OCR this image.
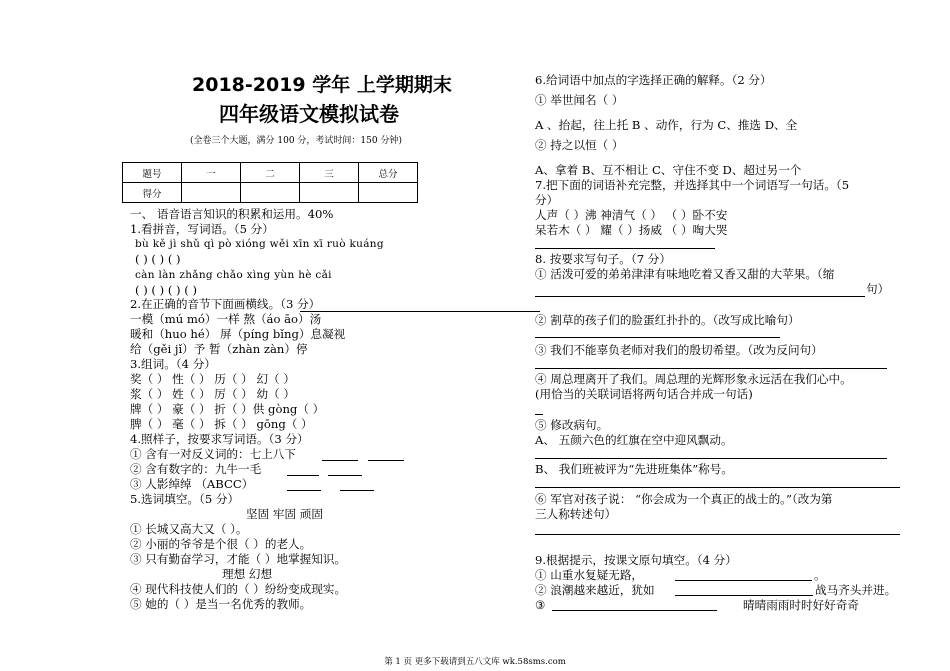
2018-2019 学年 上学期期末
四年级语文模拟试卷
(全卷三个大题，满分 100 分，考试时间：150 分钟)
题号	一	二	三	总分
得分				
一、 语音语言知识的积累和运用。40%
1.看拼音，写词语。（5 分）
bù kě jì shǔ qì pò xióng wěi xīn xī ruò kuáng
( ) ( ) ( )
càn làn zhǎng chǎo xìng yùn hè cǎi
( ) ( ) ( ) ( )
2.在正确的音节下面画横线。（3 分）
一模（mú mó）一样 熬（áo āo）汤
暖和（huo hé） 屏（píng bǐng）息凝视
给（gěi jǐ）予 暂（zhàn zàn）停
3.组词。（4 分）
奖（ ） 性（ ） 历（ ） 幻（ ）
浆（ ） 姓（ ） 厉（ ） 幼（ ）
牌（ ） 豪（ ） 折（ ）供 gòng（ ）
脾（ ） 毫（ ） 拆（ ） gōng（ ）
4.照样子，按要求写词语。（3 分）
① 含有一对反义词的：七上八下
② 含有数字的：九牛一毛
③ 人影绰绰 （ABCC）
5.选词填空。（5 分）
坚固 牢固 顽固
① 长城又高大又（ ）。
② 小丽的爷爷是个很（ ）的老人。
③ 只有勤奋学习，才能（ ）地掌握知识。
理想 幻想
④ 现代科技使人们的（ ）纷纷变成现实。
⑤ 她的（ ）是当一名优秀的教师。
6.给词语中加点的字选择正确的解释。（2 分）
① 举世闻名（ ）
A 、抬起，往上托 B 、动作，行为 C、推选 D、全
② 持之以恒（ ）
A、拿着 B、互不相让 C、守住不变 D、超过另一个
7.把下面的词语补充完整，并选择其中一个词语写一句话。（5
分）
人声（ ）沸 神清气（ ） （ ）卧不安
呆若木（ ） 耀（ ）扬威 （ ）啕大哭
8. 按要求写句子。（7 分）
① 活泼可爱的弟弟津津有味地吃着又香又甜的大苹果。（缩
句）
② 割草的孩子们的脸蛋红扑扑的。（改写成比喻句）
③ 我们不能辜负老师对我们的殷切希望。（改为反问句）
④ 周总理离开了我们。周总理的光辉形象永远活在我们心中。
(用恰当的关联词语将两句话合并成一句话)
⑤ 修改病句。
A、 五颜六色的红旗在空中迎风飘动。
B、 我们班被评为“先进班集体”称号。
⑥ 军官对孩子说： “你会成为一个真正的战士的。”（改为第
三人称转述句）
9.根据提示，按课文原句填空。（4 分）
① 山重水复疑无路，	。
② 浪潮越来越近，犹如	战马齐头并进。
③	晴晴雨雨时时好好奇奇
第 1 页 更多下载请到五八文库 wk.58sms.com
